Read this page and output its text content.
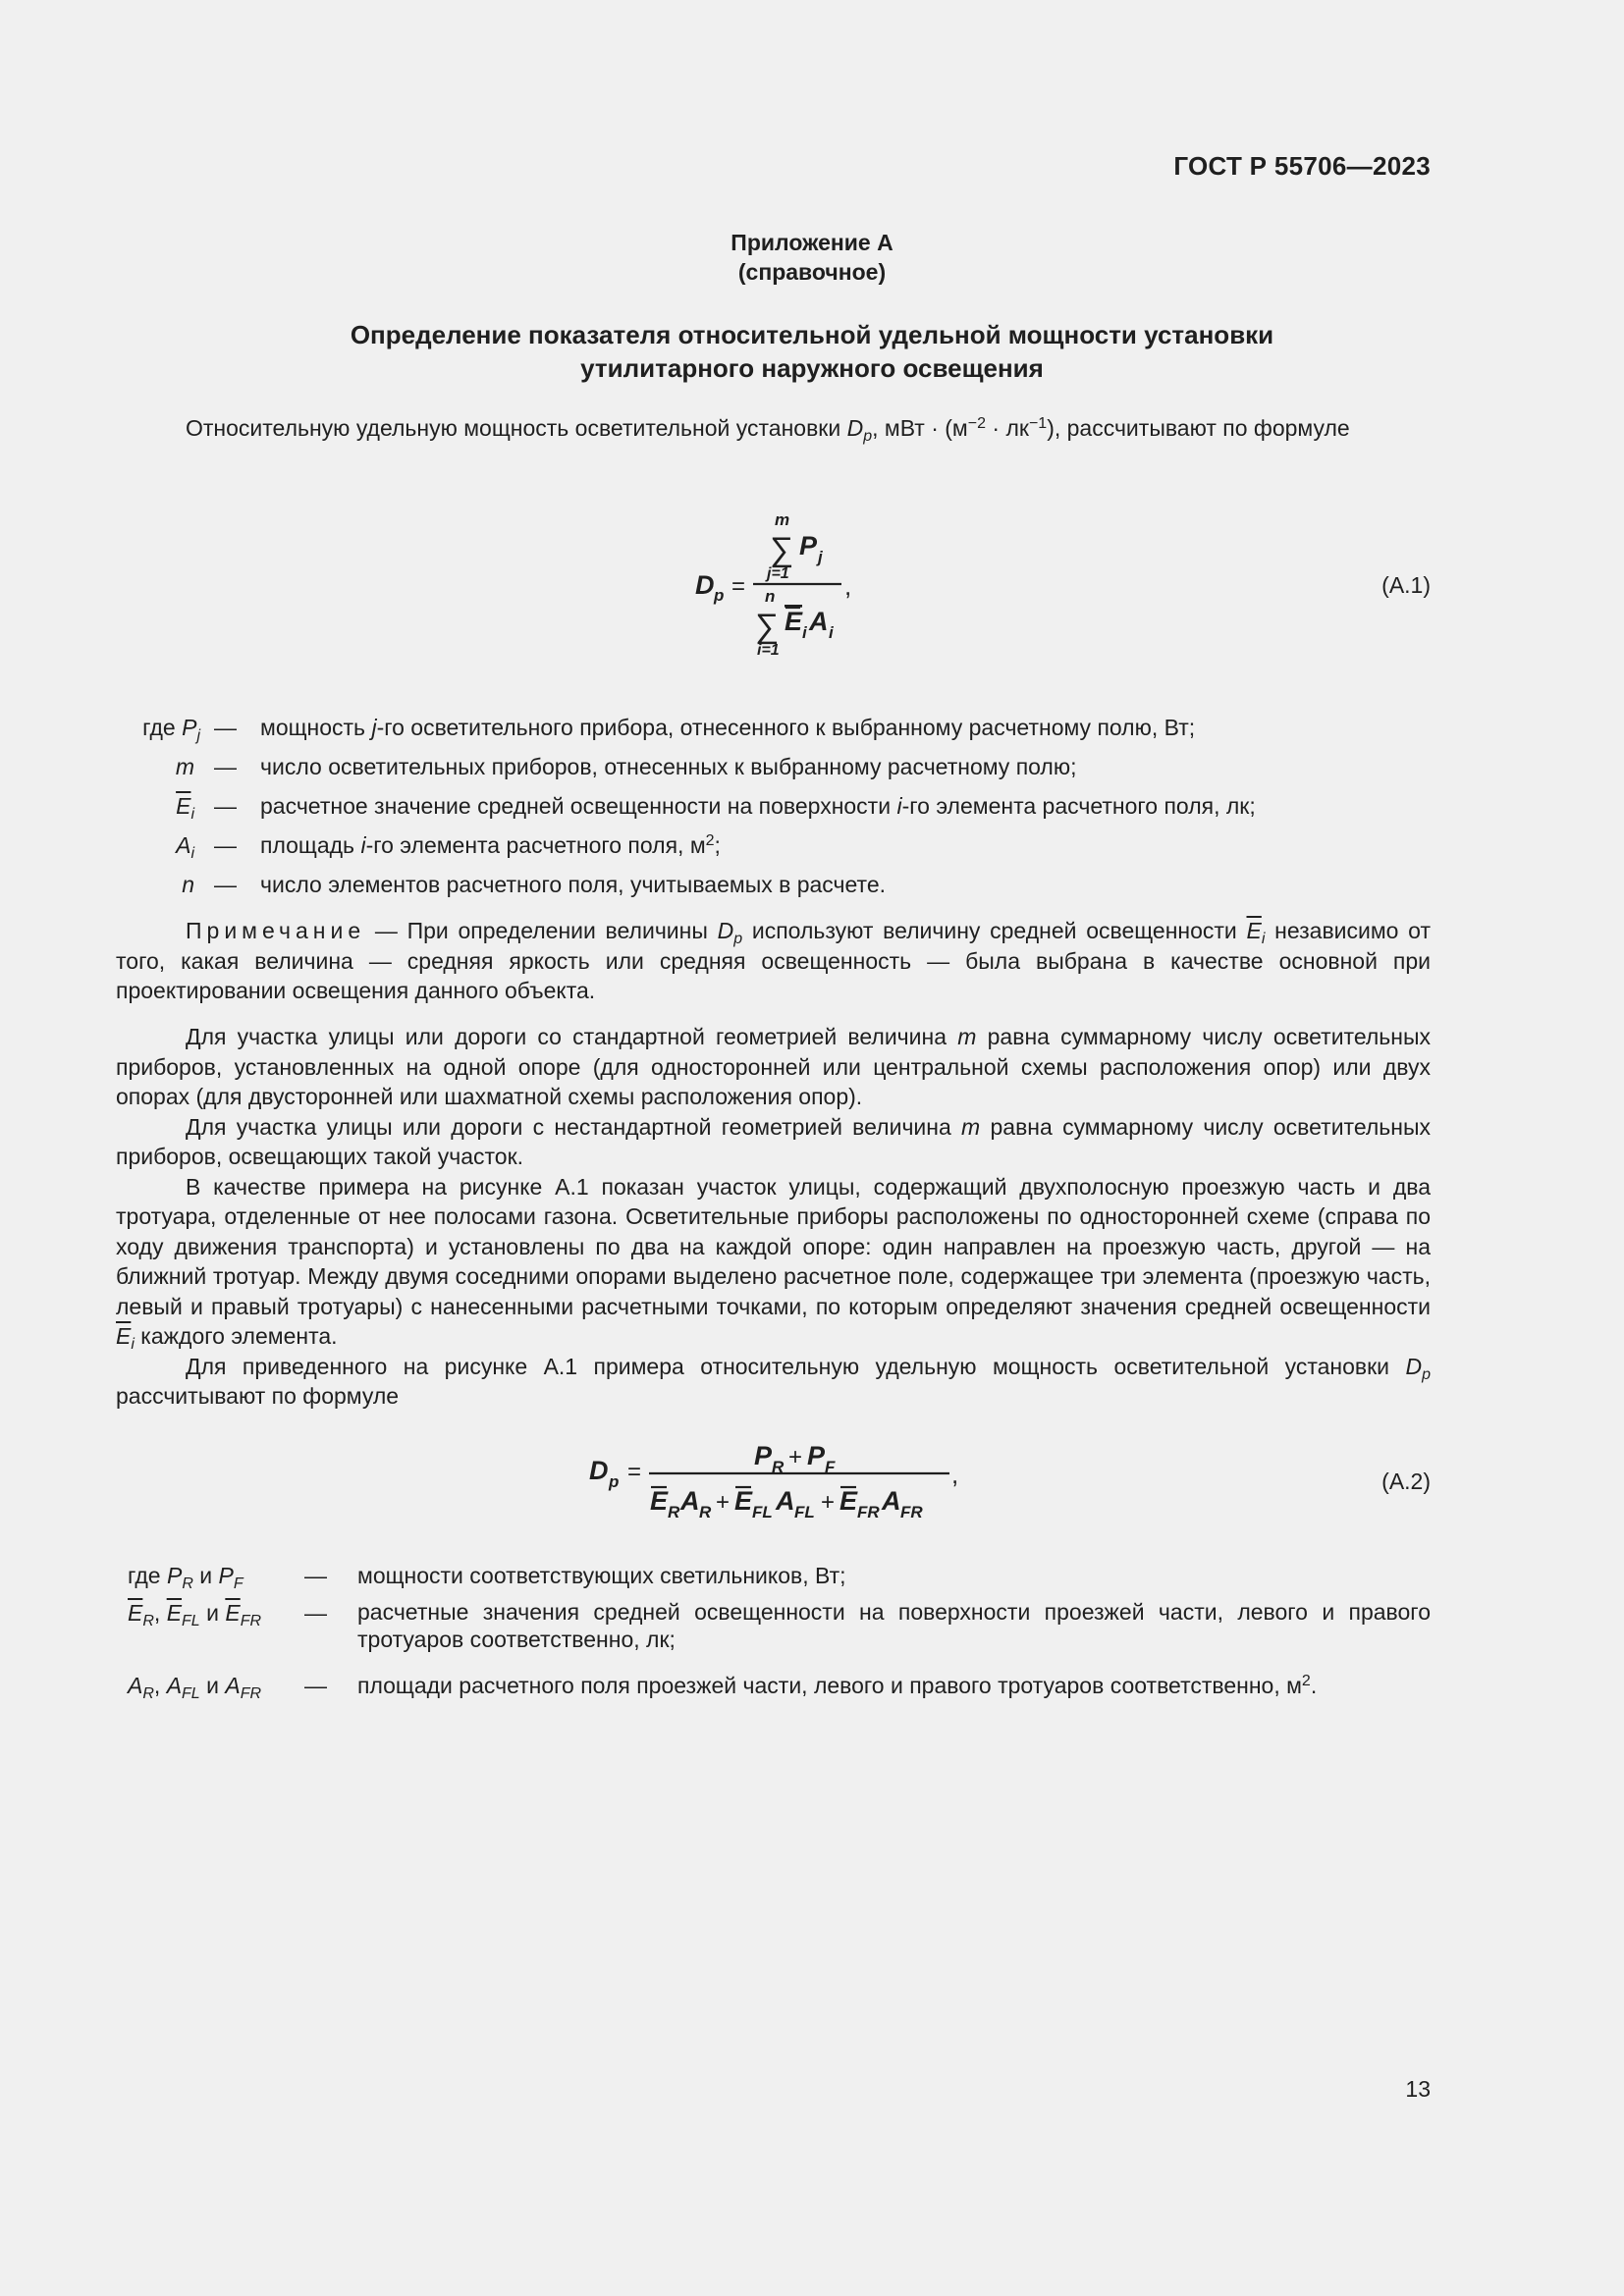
ГОСТ Р 55706—2023
Приложение А
(справочное)
Определение показателя относительной удельной мощности установки
утилитарного наружного освещения

Относительную удельную мощность осветительной установки $D_p$, мВт · $(м^{-2} \cdot лк^{-1})$, рассчитывают по формуле

D p =
m
∑ P j
j=1 ,
n
∑ E i A i
i=1
(А.1)
где $P_j$ — мощность j-го осветительного прибора, отнесенного к выбранному расчетному полю, Вт;
m — число осветительных приборов, отнесенных к выбранному расчетному полю;
$\overline{E}_i$ — расчетное значение средней освещенности на поверхности i-го элемента расчетного поля, лк;
$A_i$ — площадь i-го элемента расчетного поля, $м^2$;
n — число элементов расчетного поля, учитываемых в расчете.

Примечание — При определении величины $D_p$ используют величину средней освещенности $\overline{E}_i$ независимо от того, какая величина — средняя яркость или средняя освещенность — была выбрана в качестве основной при проектировании освещения данного объекта.

Для участка улицы или дороги со стандартной геометрией величина m равна суммарному числу осветительных приборов, установленных на одной опоре (для односторонней или центральной схемы расположения опор) или двух опорах (для двусторонней или шахматной схемы расположения опор).

Для участка улицы или дороги с нестандартной геометрией величина m равна суммарному числу осветительных приборов, освещающих такой участок.

В качестве примера на рисунке А.1 показан участок улицы, содержащий двухполосную проезжую часть и два тротуара, отделенные от нее полосами газона. Осветительные приборы расположены по односторонней схеме (справа по ходу движения транспорта) и установлены по два на каждой опоре: один направлен на проезжую часть, другой — на ближний тротуар. Между двумя соседними опорами выделено расчетное поле, содержащее три элемента (проезжую часть, левый и правый тротуары) с нанесенными расчетными точками, по которым определяют значения средней освещенности $\overline{E}_i$ каждого элемента.

Для приведенного на рисунке А.1 примера относительную удельную мощность осветительной установки $D_p$ рассчитывают по формуле

D p =
P R + P F	,
E R A R + E FL A FL + E FR A FR
(А.2)
где $P_R$ и $P_F$	— мощности соответствующих светильников, Вт;
$\overline{E}_R$, $\overline{E}_{FL}$ и $\overline{E}_{FR}$ — расчетные значения средней освещенности на поверхности проезжей части, левого и правого тротуаров соответственно, лк;
$A_R$, $A_{FL}$ и $A_{FR}$ — площади расчетного поля проезжей части, левого и правого тротуаров соответственно, $м^2$.
13
